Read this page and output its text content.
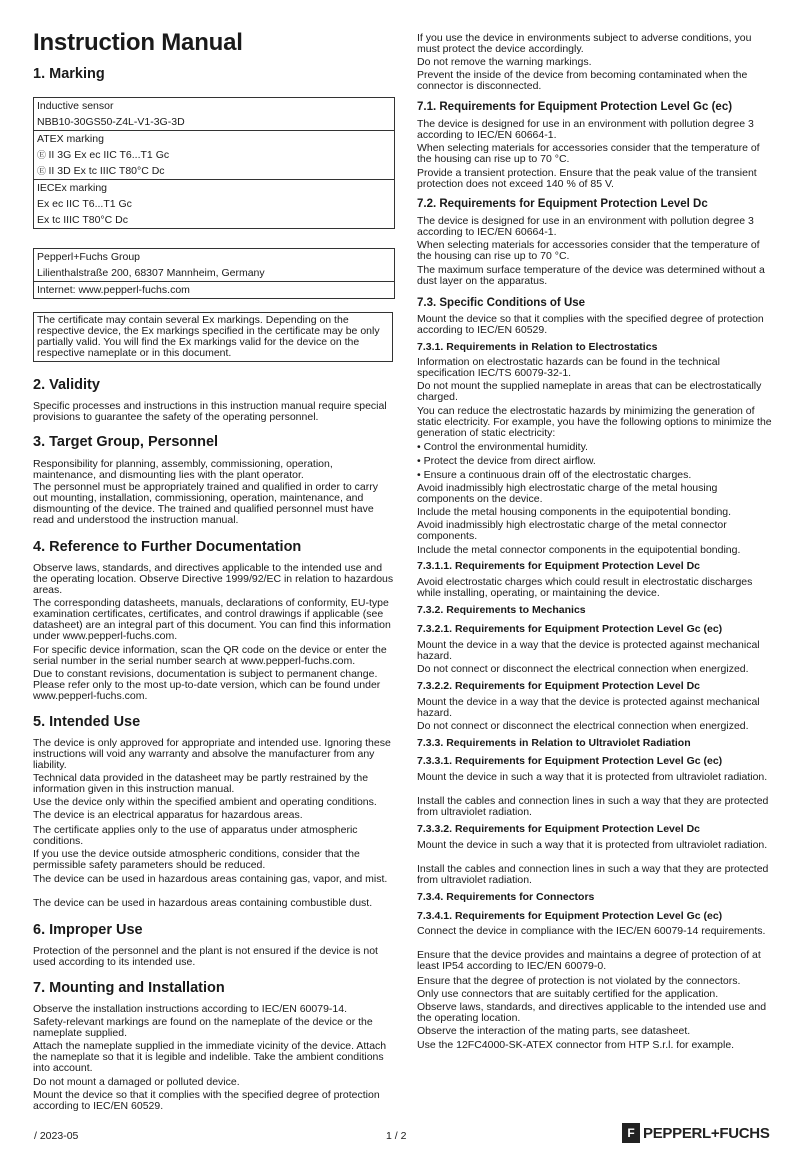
Instruction Manual
1. Marking
Inductive sensor
NBB10-30GS50-Z4L-V1-3G-3D
ATEX marking
Ⓔ II 3G Ex ec IIC T6...T1 Gc
Ⓔ II 3D Ex tc IIIC T80°C Dc
IECEx marking
Ex ec IIC T6...T1 Gc
Ex tc IIIC T80°C Dc
Pepperl+Fuchs Group
Lilienthalstraße 200, 68307 Mannheim, Germany
Internet: www.pepperl-fuchs.com
The certificate may contain several Ex markings. Depending on the respective device, the Ex markings specified in the certificate may be only partially valid. You will find the Ex markings valid for the device on the respective nameplate or in this document.
2. Validity
Specific processes and instructions in this instruction manual require special provisions to guarantee the safety of the operating personnel.
3. Target Group, Personnel
Responsibility for planning, assembly, commissioning, operation, maintenance, and dismounting lies with the plant operator.
The personnel must be appropriately trained and qualified in order to carry out mounting, installation, commissioning, operation, maintenance, and dismounting of the device. The trained and qualified personnel must have read and understood the instruction manual.
4. Reference to Further Documentation
Observe laws, standards, and directives applicable to the intended use and the operating location. Observe Directive 1999/92/EC in relation to hazardous areas.
The corresponding datasheets, manuals, declarations of conformity, EU-type examination certificates, certificates, and control drawings if applicable (see datasheet) are an integral part of this document. You can find this information under www.pepperl-fuchs.com.
For specific device information, scan the QR code on the device or enter the serial number in the serial number search at www.pepperl-fuchs.com.
Due to constant revisions, documentation is subject to permanent change. Please refer only to the most up-to-date version, which can be found under www.pepperl-fuchs.com.
5. Intended Use
The device is only approved for appropriate and intended use. Ignoring these instructions will void any warranty and absolve the manufacturer from any liability.
Technical data provided in the datasheet may be partly restrained by the information given in this instruction manual.
Use the device only within the specified ambient and operating conditions.
The device is an electrical apparatus for hazardous areas.
The certificate applies only to the use of apparatus under atmospheric conditions.
If you use the device outside atmospheric conditions, consider that the permissible safety parameters should be reduced.
The device can be used in hazardous areas containing gas, vapor, and mist.
The device can be used in hazardous areas containing combustible dust.
6. Improper Use
Protection of the personnel and the plant is not ensured if the device is not used according to its intended use.
7. Mounting and Installation
Observe the installation instructions according to IEC/EN 60079-14.
Safety-relevant markings are found on the nameplate of the device or the nameplate supplied.
Attach the nameplate supplied in the immediate vicinity of the device. Attach the nameplate so that it is legible and indelible. Take the ambient conditions into account.
Do not mount a damaged or polluted device.
Mount the device so that it complies with the specified degree of protection according to IEC/EN 60529.
If you use the device in environments subject to adverse conditions, you must protect the device accordingly.
Do not remove the warning markings.
Prevent the inside of the device from becoming contaminated when the connector is disconnected.
7.1. Requirements for Equipment Protection Level Gc (ec)
The device is designed for use in an environment with pollution degree 3 according to IEC/EN 60664-1.
When selecting materials for accessories consider that the temperature of the housing can rise up to 70 °C.
Provide a transient protection. Ensure that the peak value of the transient protection does not exceed 140 % of 85 V.
7.2. Requirements for Equipment Protection Level Dc
The device is designed for use in an environment with pollution degree 3 according to IEC/EN 60664-1.
When selecting materials for accessories consider that the temperature of the housing can rise up to 70 °C.
The maximum surface temperature of the device was determined without a dust layer on the apparatus.
7.3. Specific Conditions of Use
Mount the device so that it complies with the specified degree of protection according to IEC/EN 60529.
7.3.1. Requirements in Relation to Electrostatics
Information on electrostatic hazards can be found in the technical specification IEC/TS 60079-32-1.
Do not mount the supplied nameplate in areas that can be electrostatically charged.
You can reduce the electrostatic hazards by minimizing the generation of static electricity. For example, you have the following options to minimize the generation of static electricity:
• Control the environmental humidity.
• Protect the device from direct airflow.
• Ensure a continuous drain off of the electrostatic charges.
Avoid inadmissibly high electrostatic charge of the metal housing components on the device.
Include the metal housing components in the equipotential bonding.
Avoid inadmissibly high electrostatic charge of the metal connector components.
Include the metal connector components in the equipotential bonding.
7.3.1.1. Requirements for Equipment Protection Level Dc
Avoid electrostatic charges which could result in electrostatic discharges while installing, operating, or maintaining the device.
7.3.2. Requirements to Mechanics
7.3.2.1. Requirements for Equipment Protection Level Gc (ec)
Mount the device in a way that the device is protected against mechanical hazard.
Do not connect or disconnect the electrical connection when energized.
7.3.2.2. Requirements for Equipment Protection Level Dc
Mount the device in a way that the device is protected against mechanical hazard.
Do not connect or disconnect the electrical connection when energized.
7.3.3. Requirements in Relation to Ultraviolet Radiation
7.3.3.1. Requirements for Equipment Protection Level Gc (ec)
Mount the device in such a way that it is protected from ultraviolet radiation.
Install the cables and connection lines in such a way that they are protected from ultraviolet radiation.
7.3.3.2. Requirements for Equipment Protection Level Dc
Mount the device in such a way that it is protected from ultraviolet radiation.
Install the cables and connection lines in such a way that they are protected from ultraviolet radiation.
7.3.4. Requirements for Connectors
7.3.4.1. Requirements for Equipment Protection Level Gc (ec)
Connect the device in compliance with the IEC/EN 60079-14 requirements.
Ensure that the device provides and maintains a degree of protection of at least IP54 according to IEC/EN 60079-0.
Ensure that the degree of protection is not violated by the connectors.
Only use connectors that are suitably certified for the application.
Observe laws, standards, and directives applicable to the intended use and the operating location.
Observe the interaction of the mating parts, see datasheet.
Use the 12FC4000-SK-ATEX connector from HTP S.r.l. for example.
/ 2023-05	1 / 2	F PEPPERL+FUCHS
